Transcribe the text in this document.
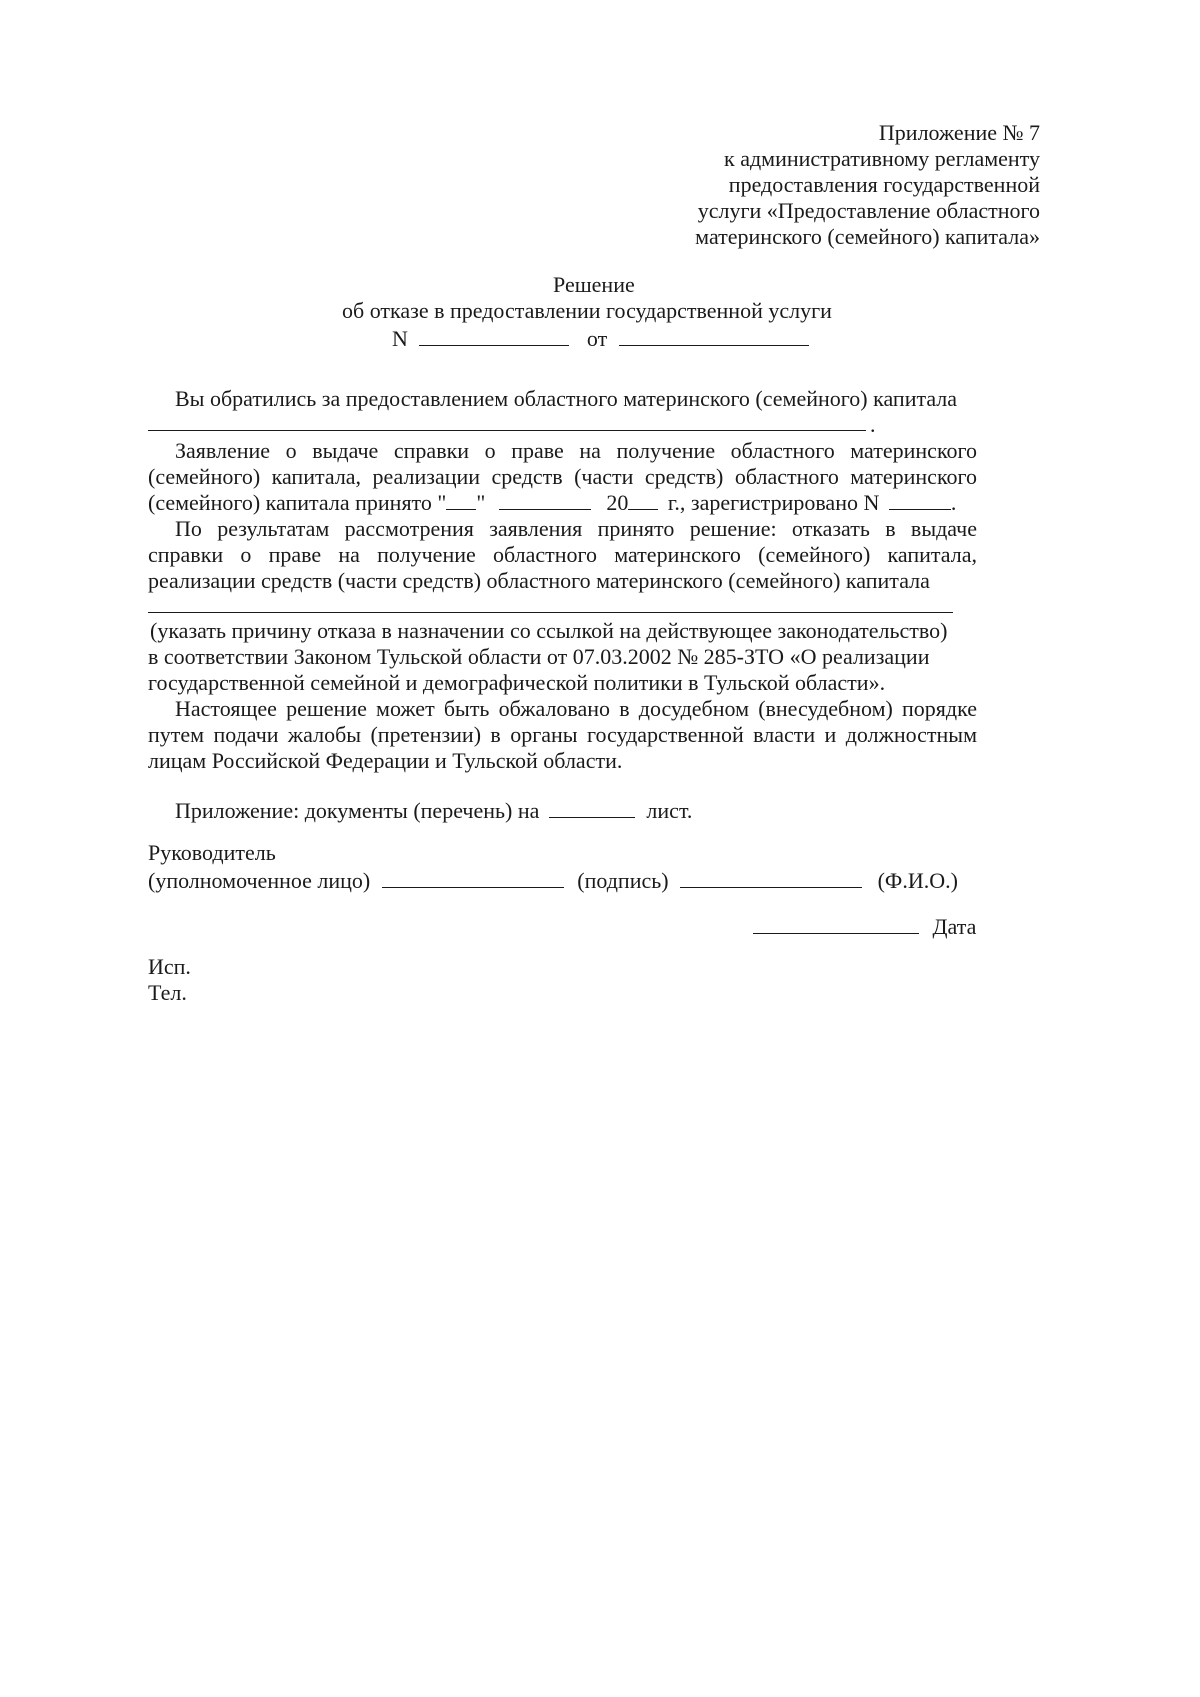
Приложение № 7
к административному регламенту
предоставления государственной
услуги «Предоставление областного
материнского (семейного) капитала»
Решение
об отказе в предоставлении государственной услуги
N	от
Вы обратились за предоставлением областного материнского (семейного) капитала
.
Заявление о выдаче справки о праве на получение областного материнского
(семейного) капитала, реализации средств (части средств) областного материнского
(семейного) капитала принято " "	20 г., зарегистрировано N	.
По результатам рассмотрения заявления принято решение: отказать в выдаче
справки о праве на получение областного материнского (семейного) капитала,
реализации средств (части средств) областного материнского (семейного) капитала
(указать причину отказа в назначении со ссылкой на действующее законодательство)
в соответствии Законом Тульской области от 07.03.2002 № 285-ЗТО «О реализации
государственной семейной и демографической политики в Тульской области».
Настоящее решение может быть обжаловано в досудебном (внесудебном) порядке
путем подачи жалобы (претензии) в органы государственной власти и должностным
лицам Российской Федерации и Тульской области.
Приложение: документы (перечень) на	лист.
Руководитель
(уполномоченное лицо)	(подпись)	(Ф.И.О.)
Дата
Исп.
Тел.
